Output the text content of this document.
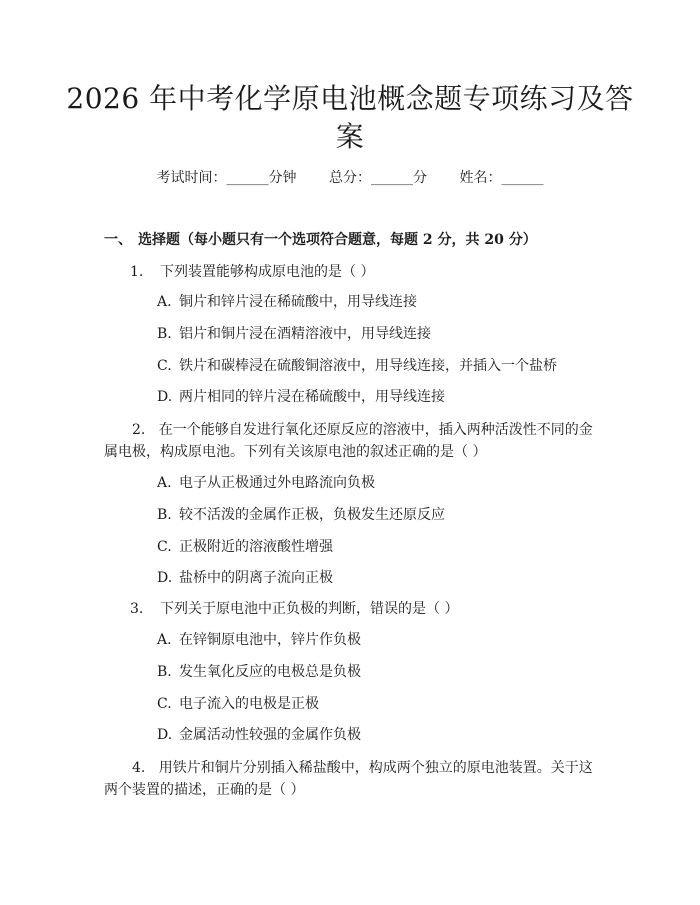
2026 年中考化学原电池概念题专项练习及答案
考试时间：______分钟 总分：______分 姓名：______
一、 选择题（每小题只有一个选项符合题意，每题 2 分，共 20 分）
1. 下列装置能够构成原电池的是（ ）
A. 铜片和锌片浸在稀硫酸中，用导线连接
B. 铝片和铜片浸在酒精溶液中，用导线连接
C. 铁片和碳棒浸在硫酸铜溶液中，用导线连接，并插入一个盐桥
D. 两片相同的锌片浸在稀硫酸中，用导线连接
2. 在一个能够自发进行氧化还原反应的溶液中，插入两种活泼性不同的金属电极，构成原电池。下列有关该原电池的叙述正确的是（ ）
A. 电子从正极通过外电路流向负极
B. 较不活泼的金属作正极，负极发生还原反应
C. 正极附近的溶液酸性增强
D. 盐桥中的阴离子流向正极
3. 下列关于原电池中正负极的判断，错误的是（ ）
A. 在锌铜原电池中，锌片作负极
B. 发生氧化反应的电极总是负极
C. 电子流入的电极是正极
D. 金属活动性较强的金属作负极
4. 用铁片和铜片分别插入稀盐酸中，构成两个独立的原电池装置。关于这两个装置的描述，正确的是（ ）
